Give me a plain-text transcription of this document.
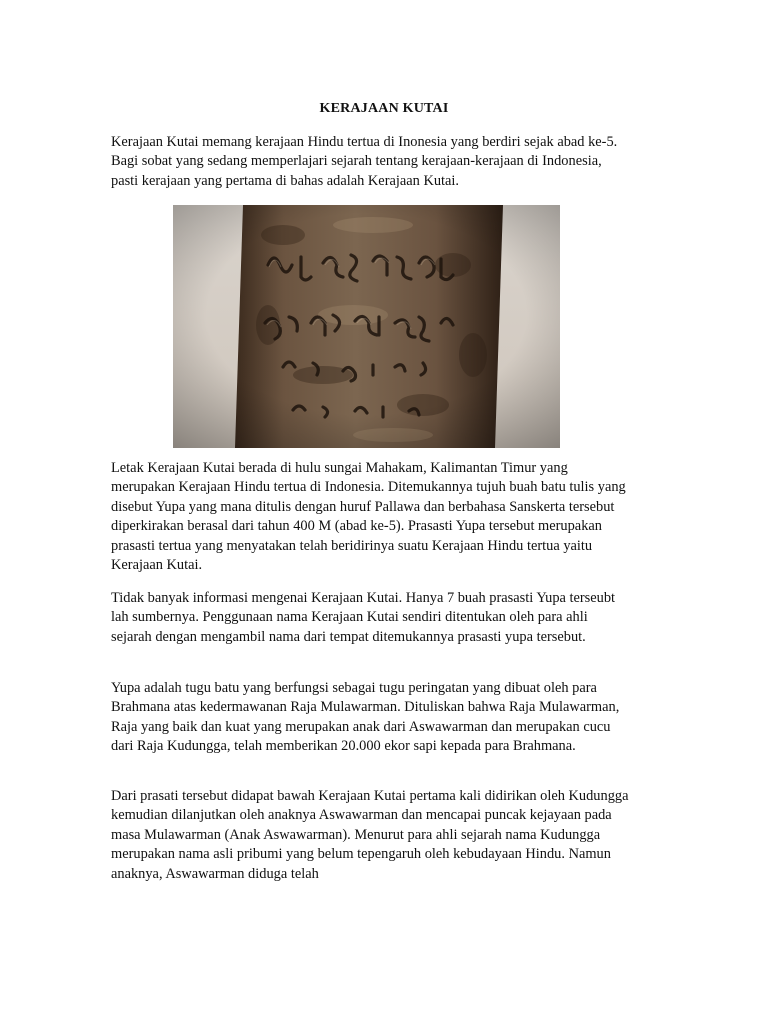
KERAJAAN KUTAI

Kerajaan Kutai memang kerajaan Hindu tertua di Inonesia yang berdiri sejak abad ke-5. Bagi sobat yang sedang memperlajari sejarah tentang kerajaan-kerajaan di Indonesia, pasti kerajaan yang pertama di bahas adalah Kerajaan Kutai.

Letak Kerajaan Kutai berada di hulu sungai Mahakam, Kalimantan Timur yang merupakan Kerajaan Hindu tertua di Indonesia. Ditemukannya tujuh buah batu tulis yang disebut Yupa yang mana ditulis dengan huruf Pallawa dan berbahasa Sanskerta tersebut diperkirakan berasal dari tahun 400 M (abad ke-5). Prasasti Yupa tersebut merupakan prasasti tertua yang menyatakan telah beridirinya suatu Kerajaan Hindu tertua yaitu Kerajaan Kutai.

Tidak banyak informasi mengenai Kerajaan Kutai. Hanya 7 buah prasasti Yupa terseubt lah sumbernya. Penggunaan nama Kerajaan Kutai sendiri ditentukan oleh para ahli sejarah dengan mengambil nama dari tempat ditemukannya prasasti yupa tersebut.

Yupa adalah tugu batu yang berfungsi sebagai tugu peringatan yang dibuat oleh para Brahmana atas kedermawanan Raja Mulawarman. Dituliskan bahwa Raja Mulawarman, Raja yang baik dan kuat yang merupakan anak dari Aswawarman dan merupakan cucu dari Raja Kudungga, telah memberikan 20.000 ekor sapi kepada para Brahmana.

Dari prasati tersebut didapat bawah Kerajaan Kutai pertama kali didirikan oleh Kudungga kemudian dilanjutkan oleh anaknya Aswawarman dan mencapai puncak kejayaan pada masa Mulawarman (Anak Aswawarman). Menurut para ahli sejarah nama Kudungga merupakan nama asli pribumi yang belum tepengaruh oleh kebudayaan Hindu. Namun anaknya, Aswawarman diduga telah
